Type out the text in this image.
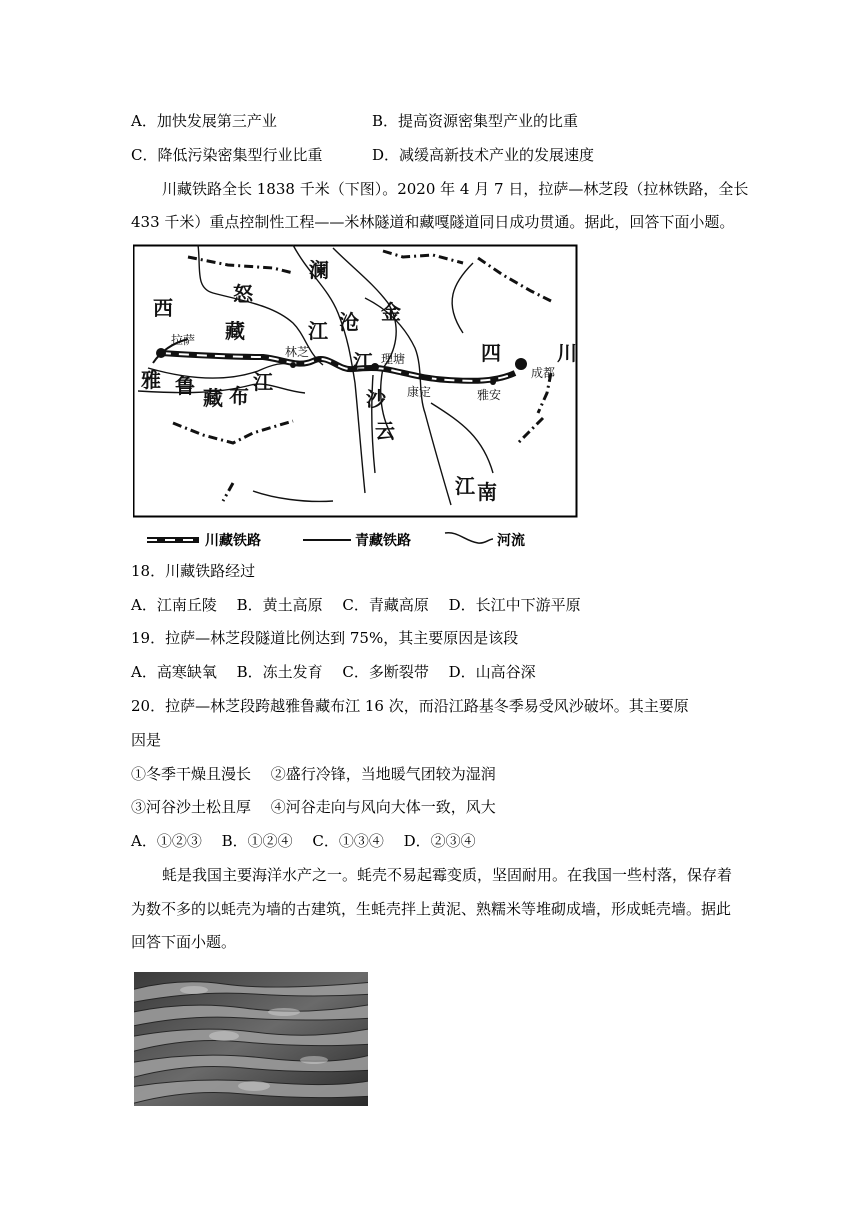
A．加快发展第三产业	B．提高资源密集型产业的比重
C．降低污染密集型行业比重	D．减缓高新技术产业的发展速度
川藏铁路全长 1838 千米（下图）。2020 年 4 月 7 日，拉萨—林芝段（拉林铁路，全长
433 千米）重点控制性工程——米林隧道和藏嘎隧道同日成功贯通。据此，回答下面小题。
西
藏
雅 鲁 藏 布
江
怒
江
澜
沧
江
金
沙
江
四	川
云
南
拉萨
林芝	理塘
康定	雅安
成都
川藏铁路	青藏铁路	河流
18．川藏铁路经过
A．江南丘陵　 B．黄土高原　 C．青藏高原　 D．长江中下游平原
19．拉萨—林芝段隧道比例达到 75%，其主要原因是该段
A．高寒缺氧　 B．冻土发育　 C．多断裂带　 D．山高谷深
20．拉萨—林芝段跨越雅鲁藏布江 16 次，而沿江路基冬季易受风沙破坏。其主要原
因是
①冬季干燥且漫长　 ②盛行冷锋，当地暖气团较为湿润
③河谷沙土松且厚　 ④河谷走向与风向大体一致，风大
A．①②③　 B．①②④　 C．①③④　 D．②③④
蚝是我国主要海洋水产之一。蚝壳不易起霉变质，坚固耐用。在我国一些村落，保存着
为数不多的以蚝壳为墙的古建筑，生蚝壳拌上黄泥、熟糯米等堆砌成墙，形成蚝壳墙。据此
回答下面小题。
